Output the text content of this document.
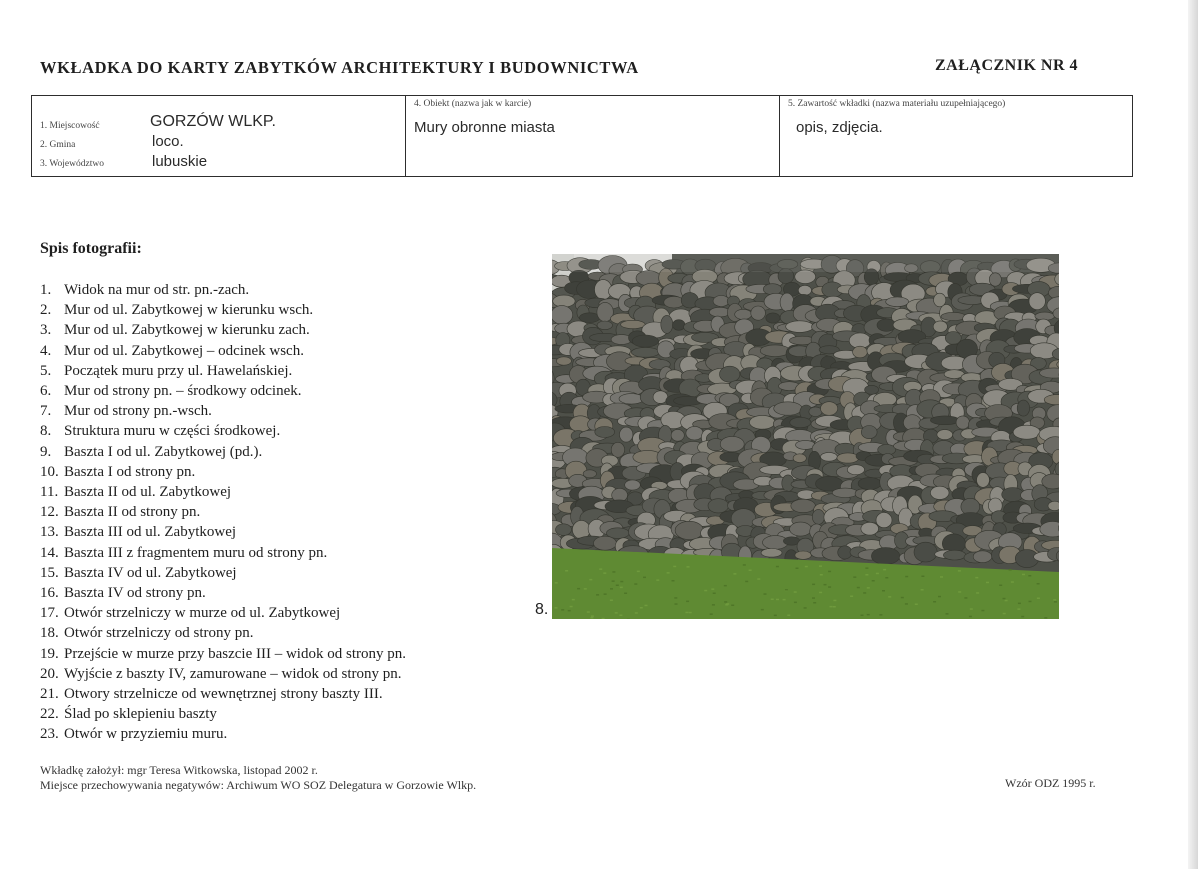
WKŁADKA DO KARTY ZABYTKÓW ARCHITEKTURY I BUDOWNICTWA	ZAŁĄCZNIK NR 4
1. Miejscowość	GORZÓW WLKP.
2. Gmina	loco.
3. Województwo	lubuskie
4. Obiekt (nazwa jak w karcie)
Mury obronne miasta
5. Zawartość wkładki (nazwa materiału uzupełniającego)
opis, zdjęcia.
Spis fotografii:
1. Widok na mur od str. pn.-zach.
2. Mur od ul. Zabytkowej w kierunku wsch.
3. Mur od ul. Zabytkowej w kierunku zach.
4. Mur od ul. Zabytkowej – odcinek wsch.
5. Początek muru przy ul. Hawelańskiej.
6. Mur od strony pn. – środkowy odcinek.
7. Mur od strony pn.-wsch.
8. Struktura muru w części środkowej.
9. Baszta I od ul. Zabytkowej (pd.).
10. Baszta I od strony pn.
11. Baszta II od ul. Zabytkowej
12. Baszta II od strony pn.
13. Baszta III od ul. Zabytkowej
14. Baszta III z fragmentem muru od strony pn.
15. Baszta IV od ul. Zabytkowej
16. Baszta IV od strony pn.
17. Otwór strzelniczy w murze od ul. Zabytkowej
18. Otwór strzelniczy od strony pn.
19. Przejście w murze przy baszcie III – widok od strony pn.
20. Wyjście z baszty IV, zamurowane – widok od strony pn.
21. Otwory strzelnicze od wewnętrznej strony baszty III.
22. Ślad po sklepieniu baszty
23. Otwór w przyziemiu muru.
8.
Wkładkę założył: mgr Teresa Witkowska, listopad 2002 r.
Miejsce przechowywania negatywów: Archiwum WO SOZ Delegatura w Gorzowie Wlkp.	Wzór ODZ 1995 r.
